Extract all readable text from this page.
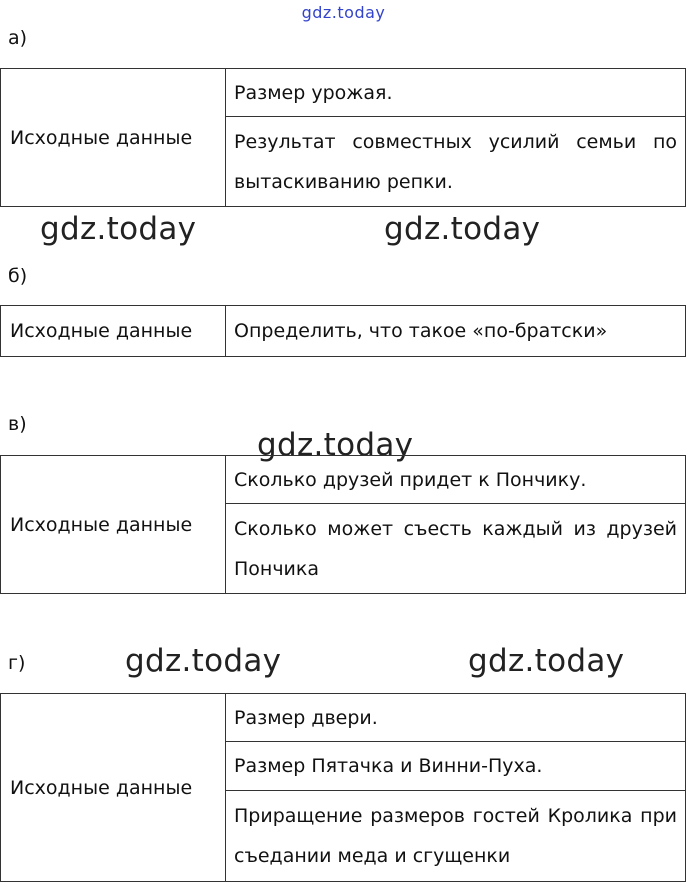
gdz.today
а)
Исходные данные	Размер урожая.
Результат совместных усилий семьи по вытаскиванию репки.
gdz.today	gdz.today
б)
Исходные данные	Определить, что такое «по-братски»
в)
gdz.today
Исходные данные	Сколько друзей придет к Пончику.
Сколько может съесть каждый из друзей Пончика
г)	gdz.today	gdz.today
Исходные данные	Размер двери.
Размер Пятачка и Винни-Пуха.
Приращение размеров гостей Кролика при съедании меда и сгущенки
